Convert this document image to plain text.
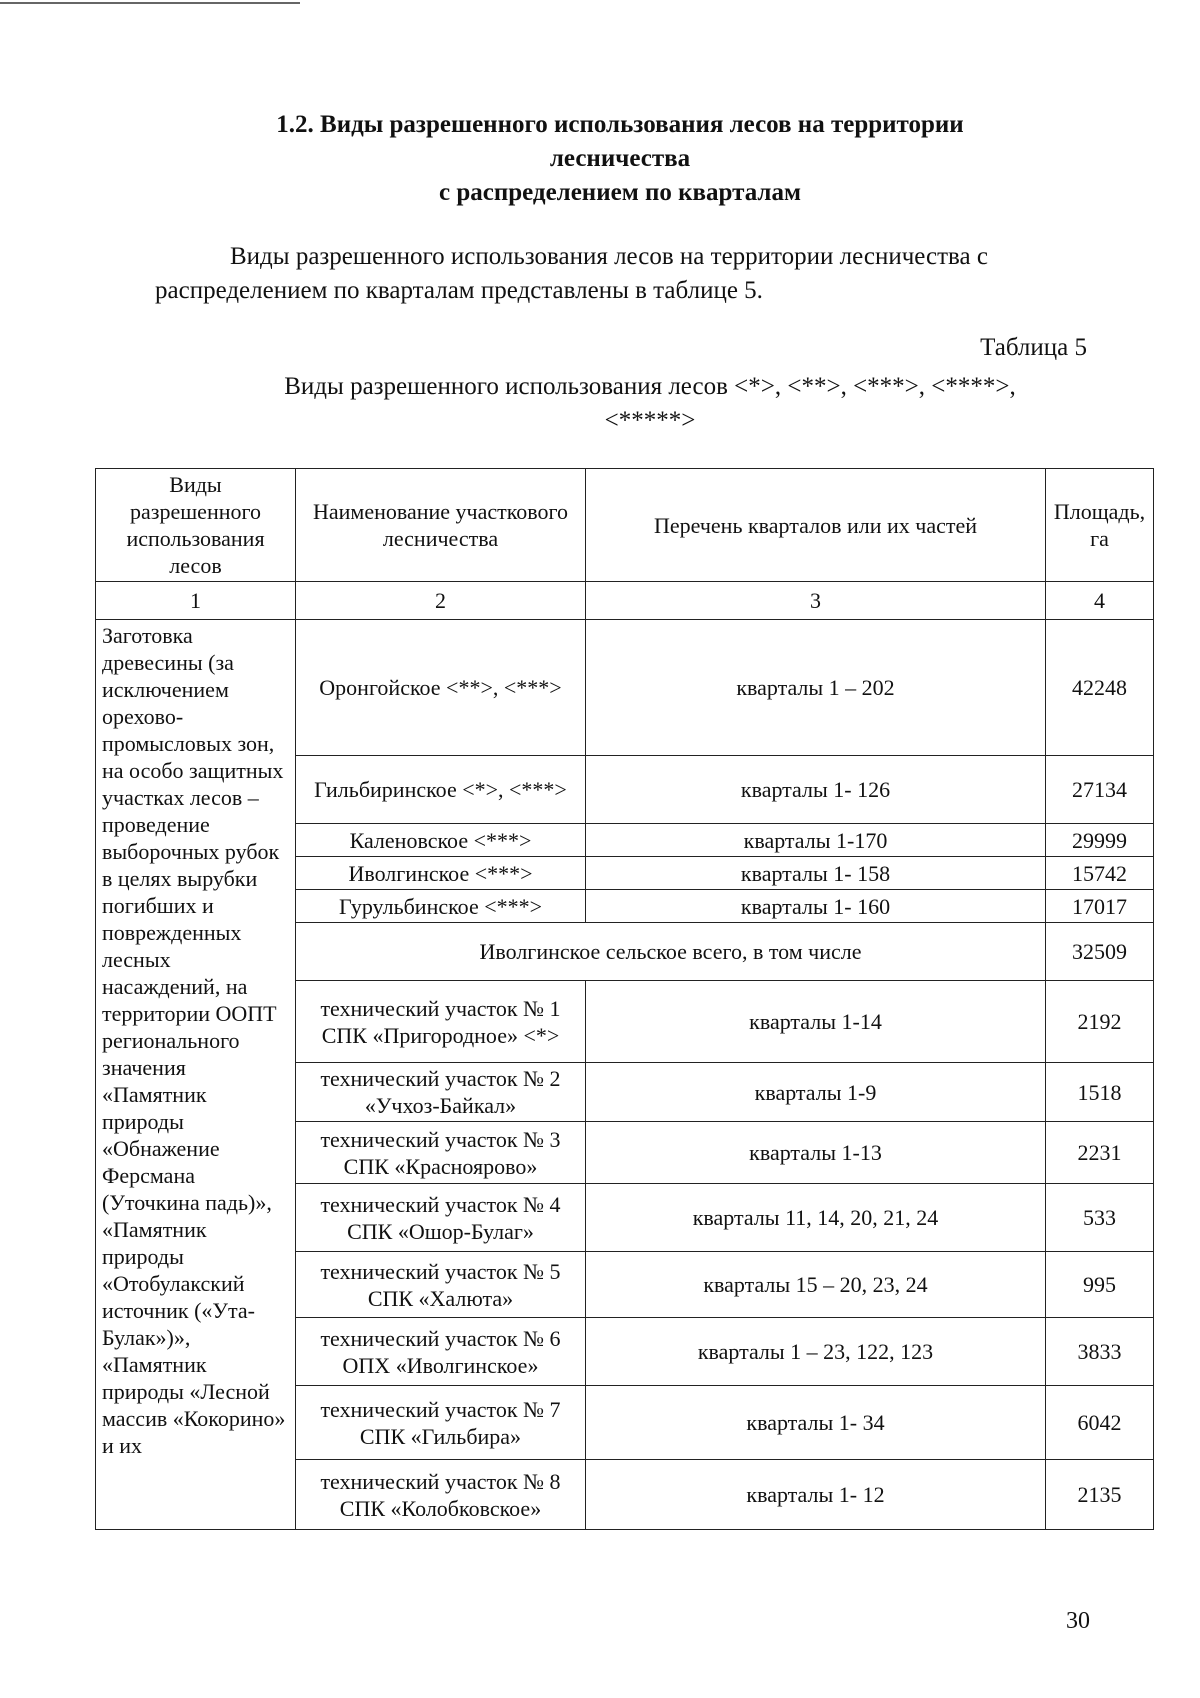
1.2. Виды разрешенного использования лесов на территории
лесничества
с распределением по кварталам

Виды разрешенного использования лесов на территории лесничества с распределением по кварталам представлены в таблице 5.

Таблица 5
Виды разрешенного использования лесов <*>, <**>, <***>, <****>,
<*****>
Виды разрешенного использования лесов	Наименование участкового лесничества	Перечень кварталов или их частей	Площадь, га
1	2	3	4
Заготовка древесины (за исключением орехово-промысловых зон, на особо защитных участках лесов – проведение выборочных рубок в целях вырубки погибших и поврежденных лесных насаждений, на территории ООПТ регионального значения «Памятник природы «Обнажение Ферсмана (Уточкина падь)», «Памятник природы «Отобулакский источник («Ута-Булак»)», «Памятник природы «Лесной массив «Кокорино» и их	Оронгойское <**>, <***>	кварталы 1 – 202	42248
	Гильбиринское <*>, <***>	кварталы 1- 126	27134
	Каленовское <***>	кварталы 1-170	29999
	Иволгинское <***>	кварталы 1- 158	15742
	Гурульбинское <***>	кварталы 1- 160	17017
	Иволгинское сельское всего, в том числе		32509
	технический участок № 1 СПК «Пригородное» <*>	кварталы 1-14	2192
	технический участок № 2 «Учхоз-Байкал»	кварталы 1-9	1518
	технический участок № 3 СПК «Красноярово»	кварталы 1-13	2231
	технический участок № 4 СПК «Ошор-Булаг»	кварталы 11, 14, 20, 21, 24	533
	технический участок № 5 СПК «Халюта»	кварталы 15 – 20, 23, 24	995
	технический участок № 6 ОПХ «Иволгинское»	кварталы 1 – 23, 122, 123	3833
	технический участок № 7 СПК «Гильбира»	кварталы 1- 34	6042
	технический участок № 8 СПК «Колобковское»	кварталы 1- 12	2135
30
